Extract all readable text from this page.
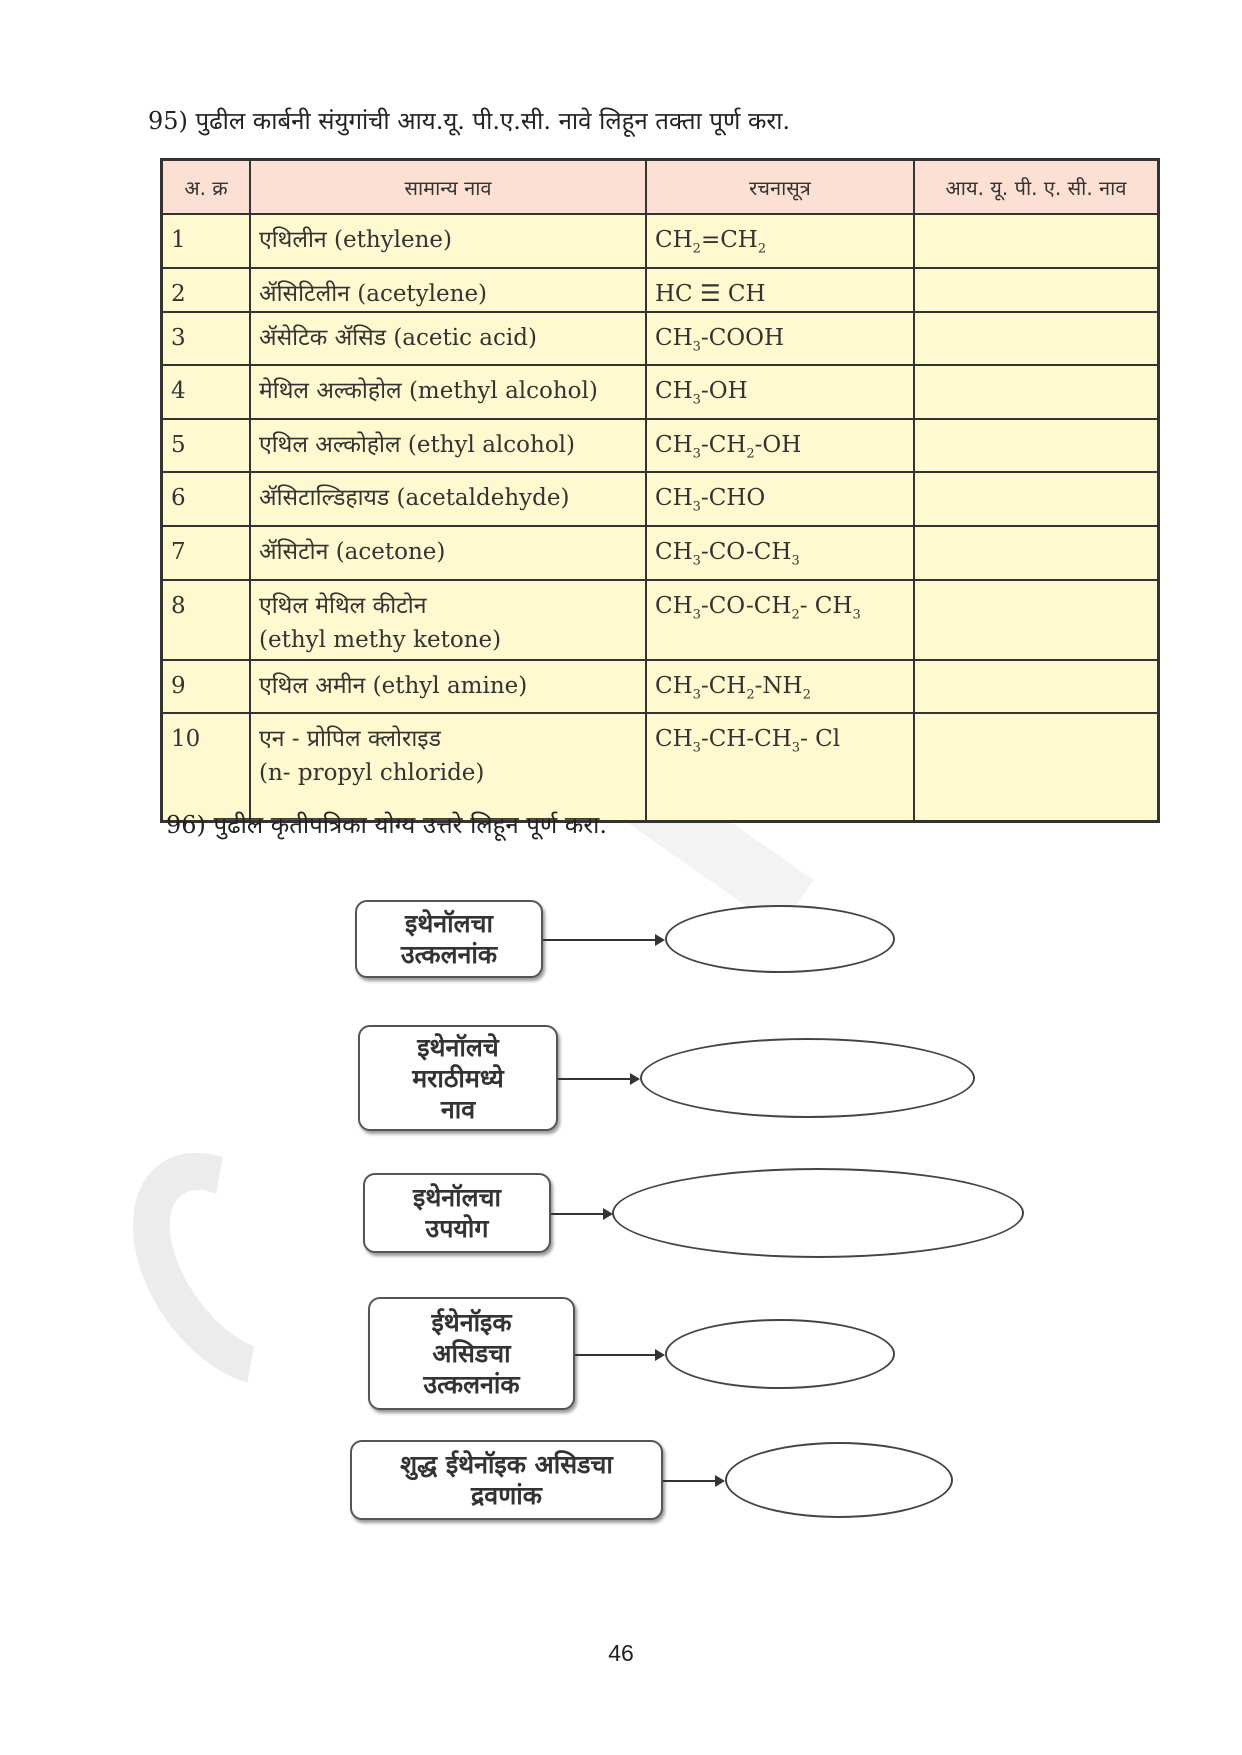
95) पुढील कार्बनी संयुगांची आय.यू. पी.ए.सी. नावे लिहून तक्ता पूर्ण करा.
अ. क्र	सामान्य नाव	रचनासूत्र	आय. यू. पी. ए. सी. नाव

1	एथिलीन (ethylene)	$CH_2=CH_2$

2	ॲसिटिलीन (acetylene)	HC ☰ CH	

3	ॲसेटिक ॲसिड (acetic acid)	$CH_3$-COOH	

4	मेथिल अल्कोहोल (methyl alcohol)	$CH_3-OH$	

5	एथिल अल्कोहोल (ethyl alcohol)	$CH_3-CH_2-OH$	

6	ॲसिटाल्डिहायड (acetaldehyde)	$CH_3$-CHO	

7	ॲसिटोन (acetone)	$CH_3-CO-CH_3$

8	एथिल मेथिल कीटोन
(ethyl methy ketone)	$CH_3-CO-CH_2-$ $CH_3$

9	एथिल अमीन (ethyl amine)	$CH_3-CH_2-NH_2$

10	एन - प्रोपिल क्लोराइड
(n- propyl chloride)	$CH_3-CH-CH_3-$ Cl	

96) पुढील कृतीपत्रिका योग्य उत्तरे लिहून पूर्ण करा.
इथेनॉलचा
उत्कलनांक
इथेनॉलचे
मराठीमध्ये
नाव
इथेनॉलचा
उपयोग
ईथेनॉइक
असिडचा
उत्कलनांक
शुद्ध ईथेनॉइक असिडचा
द्रवणांक
46
